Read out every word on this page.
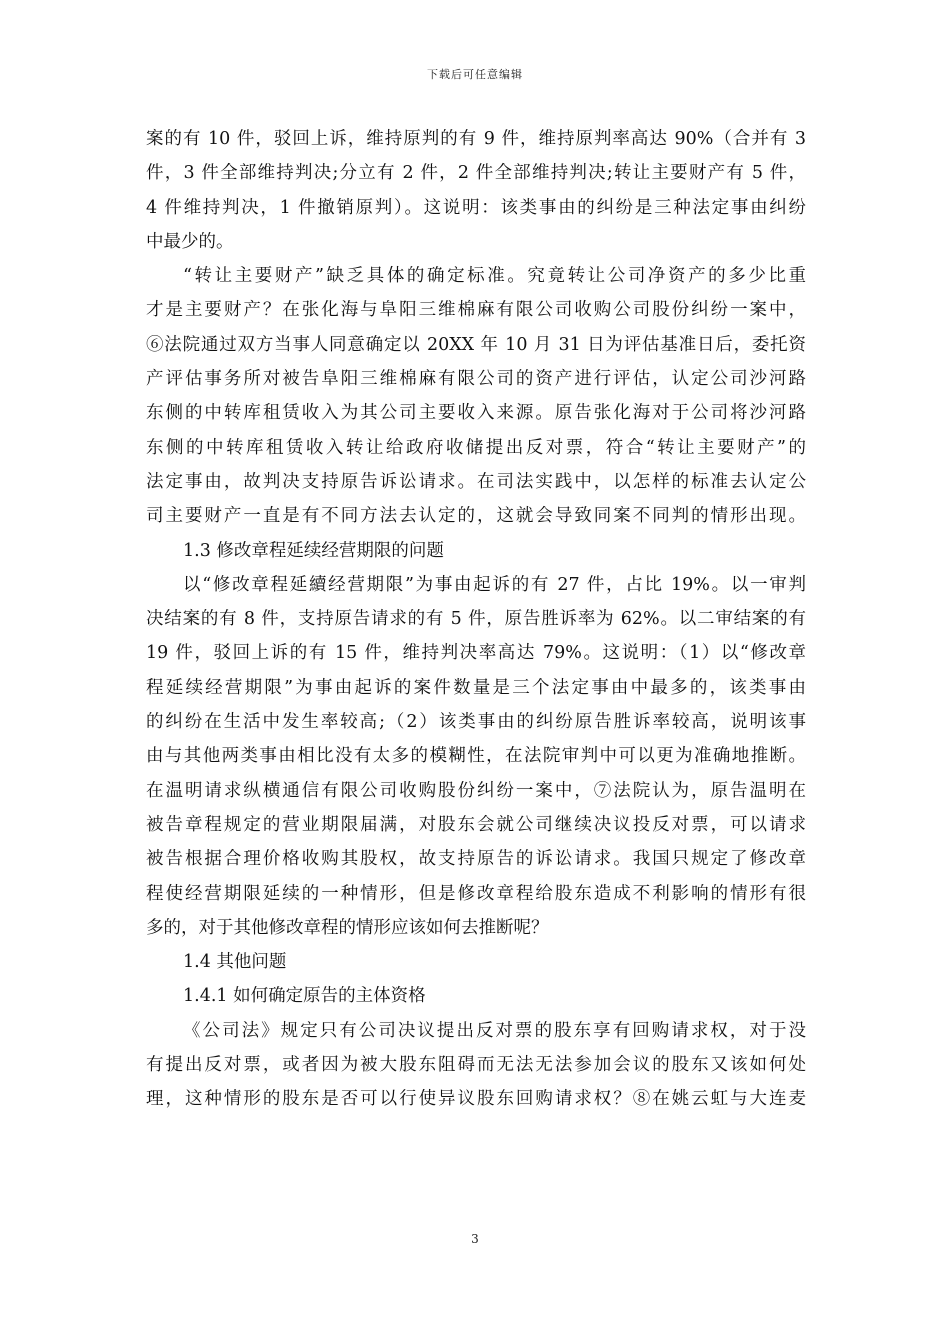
下载后可任意编辑
案的有 10 件，驳回上诉，维持原判的有 9 件，维持原判率高达 90%（合并有 3
件，3 件全部维持判决;分立有 2 件，2 件全部维持判决;转让主要财产有 5 件，
4 件维持判决，1 件撤销原判）。这说明：该类事由的纠纷是三种法定事由纠纷
中最少的。
“转让主要财产”缺乏具体的确定标准。究竟转让公司净资产的多少比重
才是主要财产？在张化海与阜阳三维棉麻有限公司收购公司股份纠纷一案中，
⑥法院通过双方当事人同意确定以 20XX 年 10 月 31 日为评估基准日后，委托资
产评估事务所对被告阜阳三维棉麻有限公司的资产进行评估，认定公司沙河路
东侧的中转库租赁收入为其公司主要收入来源。原告张化海对于公司将沙河路
东侧的中转库租赁收入转让给政府收储提出反对票，符合“转让主要财产”的
法定事由，故判决支持原告诉讼请求。在司法实践中，以怎样的标准去认定公
司主要财产一直是有不同方法去认定的，这就会导致同案不同判的情形出现。
1.3 修改章程延续经营期限的问题
以“修改章程延續经营期限”为事由起诉的有 27 件，占比 19%。以一审判
决结案的有 8 件，支持原告请求的有 5 件，原告胜诉率为 62%。以二审结案的有
19 件，驳回上诉的有 15 件，维持判决率高达 79%。这说明：（1）以“修改章
程延续经营期限”为事由起诉的案件数量是三个法定事由中最多的，该类事由
的纠纷在生活中发生率较高;（2）该类事由的纠纷原告胜诉率较高，说明该事
由与其他两类事由相比没有太多的模糊性，在法院审判中可以更为准确地推断。
在温明请求纵横通信有限公司收购股份纠纷一案中，⑦法院认为，原告温明在
被告章程规定的营业期限届满，对股东会就公司继续决议投反对票，可以请求
被告根据合理价格收购其股权，故支持原告的诉讼请求。我国只规定了修改章
程使经营期限延续的一种情形，但是修改章程给股东造成不利影响的情形有很
多的，对于其他修改章程的情形应该如何去推断呢？
1.4 其他问题
1.4.1 如何确定原告的主体资格
《公司法》规定只有公司决议提出反对票的股东享有回购请求权，对于没
有提出反对票，或者因为被大股东阻碍而无法无法参加会议的股东又该如何处
理，这种情形的股东是否可以行使异议股东回购请求权？⑧在姚云虹与大连麦
3
